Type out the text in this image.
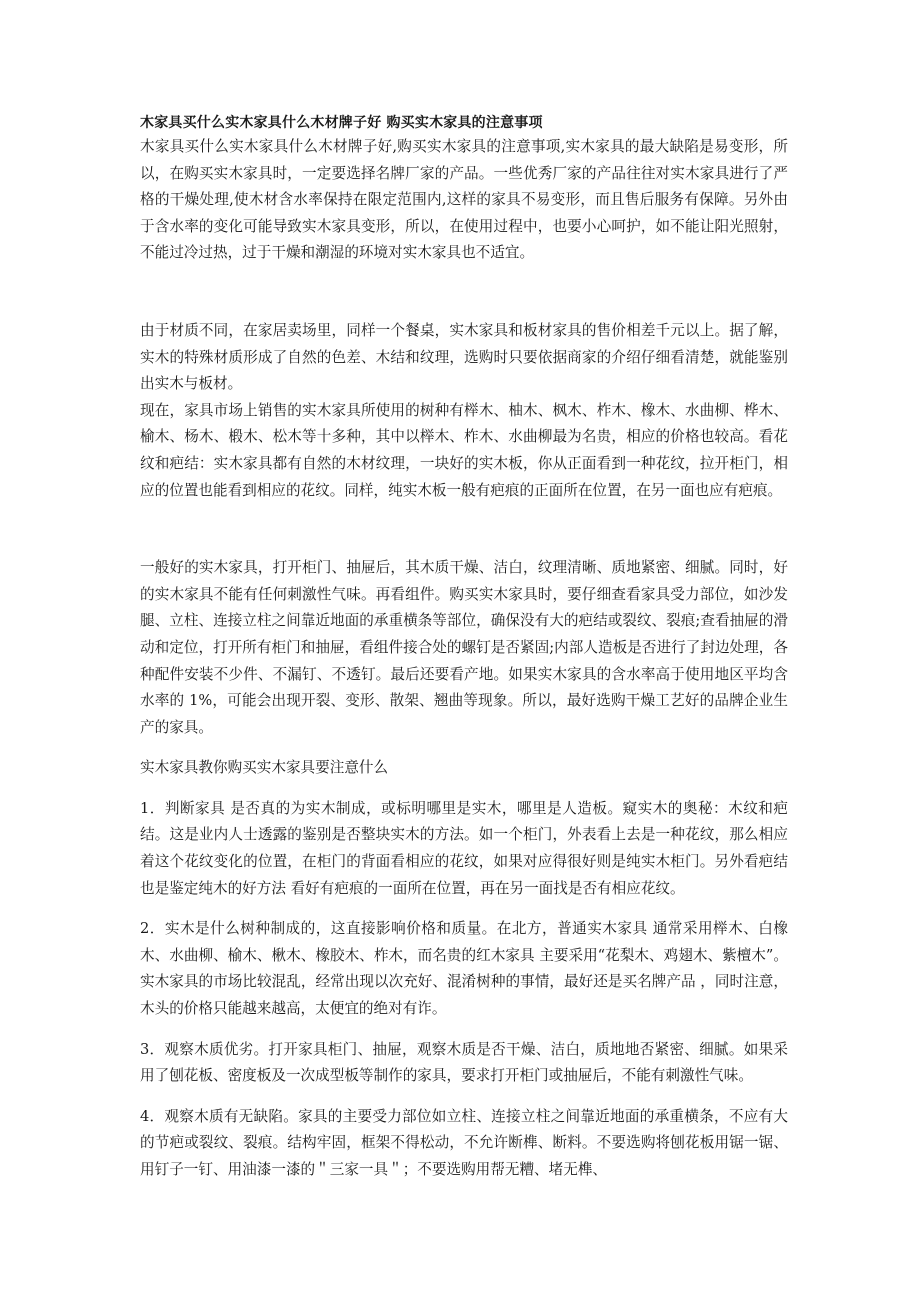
木家具买什么实木家具什么木材牌子好 购买实木家具的注意事项

木家具买什么实木家具什么木材牌子好,购买实木家具的注意事项,实木家具的最大缺陷是易变形，所以，在购买实木家具时，一定要选择名牌厂家的产品。一些优秀厂家的产品往往对实木家具进行了严格的干燥处理,使木材含水率保持在限定范围内,这样的家具不易变形，而且售后服务有保障。另外由于含水率的变化可能导致实木家具变形，所以，在使用过程中，也要小心呵护，如不能让阳光照射，不能过冷过热，过于干燥和潮湿的环境对实木家具也不适宜。

由于材质不同，在家居卖场里，同样一个餐桌，实木家具和板材家具的售价相差千元以上。据了解，实木的特殊材质形成了自然的色差、木结和纹理，选购时只要依据商家的介绍仔细看清楚，就能鉴别出实木与板材。

现在，家具市场上销售的实木家具所使用的树种有榉木、柚木、枫木、柞木、橡木、水曲柳、桦木、榆木、杨木、椴木、松木等十多种，其中以榉木、柞木、水曲柳最为名贵，相应的价格也较高。看花纹和疤结：实木家具都有自然的木材纹理，一块好的实木板，你从正面看到一种花纹，拉开柜门，相应的位置也能看到相应的花纹。同样，纯实木板一般有疤痕的正面所在位置，在另一面也应有疤痕。

一般好的实木家具，打开柜门、抽屉后，其木质干燥、洁白，纹理清晰、质地紧密、细腻。同时，好的实木家具不能有任何刺激性气味。再看组件。购买实木家具时，要仔细查看家具受力部位，如沙发腿、立柱、连接立柱之间靠近地面的承重横条等部位，确保没有大的疤结或裂纹、裂痕;查看抽屉的滑动和定位，打开所有柜门和抽屉，看组件接合处的螺钉是否紧固;内部人造板是否进行了封边处理，各种配件安装不少件、不漏钉、不透钉。最后还要看产地。如果实木家具的含水率高于使用地区平均含水率的 1%，可能会出现开裂、变形、散架、翘曲等现象。所以，最好选购干燥工艺好的品牌企业生产的家具。

实木家具教你购买实木家具要注意什么

1．判断家具 是否真的为实木制成，或标明哪里是实木，哪里是人造板。窥实木的奥秘：木纹和疤结。这是业内人士透露的鉴别是否整块实木的方法。如一个柜门，外表看上去是一种花纹，那么相应着这个花纹变化的位置，在柜门的背面看相应的花纹，如果对应得很好则是纯实木柜门。另外看疤结也是鉴定纯木的好方法 看好有疤痕的一面所在位置，再在另一面找是否有相应花纹。

2．实木是什么树种制成的，这直接影响价格和质量。在北方，普通实木家具 通常采用榉木、白橡木、水曲柳、榆木、楸木、橡胶木、柞木，而名贵的红木家具 主要采用“花梨木、鸡翅木、紫檀木”。实木家具的市场比较混乱，经常出现以次充好、混淆树种的事情，最好还是买名牌产品 ，同时注意，木头的价格只能越来越高，太便宜的绝对有诈。

3．观察木质优劣。打开家具柜门、抽屉，观察木质是否干燥、洁白，质地地否紧密、细腻。如果采用了刨花板、密度板及一次成型板等制作的家具，要求打开柜门或抽屉后，不能有刺激性气味。

4．观察木质有无缺陷。家具的主要受力部位如立柱、连接立柱之间靠近地面的承重横条，不应有大的节疤或裂纹、裂痕。结构牢固，框架不得松动，不允许断榫、断料。不要选购将刨花板用锯一锯、用钉子一钉、用油漆一漆的＂三家一具＂；不要选购用帮无糟、堵无榫、
